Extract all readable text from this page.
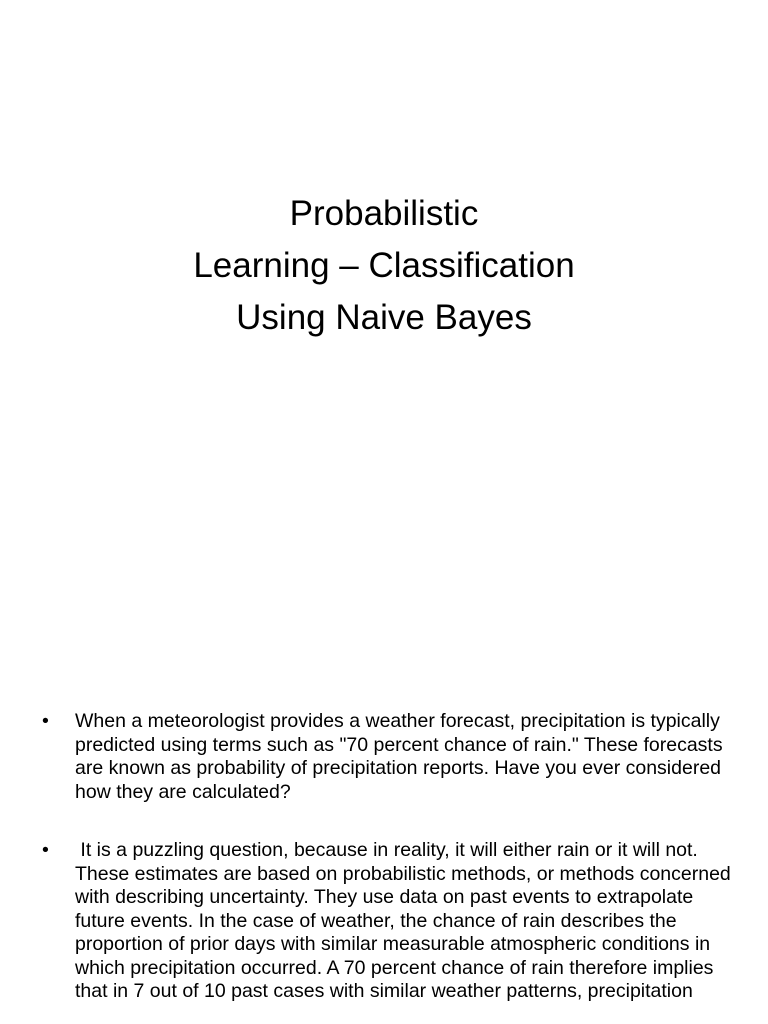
Probabilistic
Learning – Classification
Using Naive Bayes
• When a meteorologist provides a weather forecast, precipitation is typically predicted using terms such as "70 percent chance of rain." These forecasts are known as probability of precipitation reports. Have you ever considered how they are calculated?
• It is a puzzling question, because in reality, it will either rain or it will not. These estimates are based on probabilistic methods, or methods concerned with describing uncertainty. They use data on past events to extrapolate future events. In the case of weather, the chance of rain describes the proportion of prior days with similar measurable atmospheric conditions in which precipitation occurred. A 70 percent chance of rain therefore implies that in 7 out of 10 past cases with similar weather patterns, precipitation
